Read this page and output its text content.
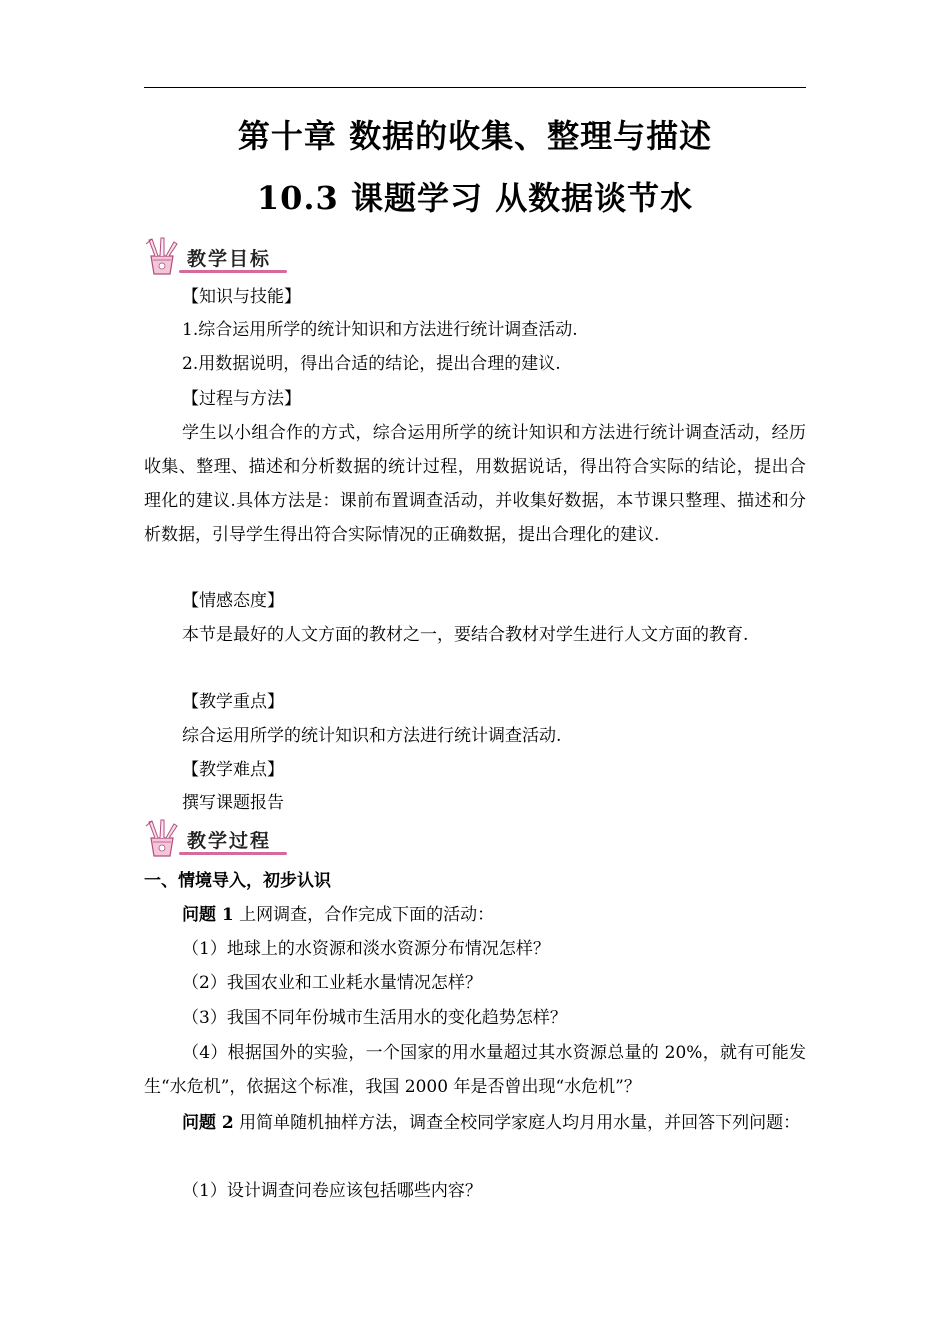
第十章 数据的收集、整理与描述
10.3 课题学习 从数据谈节水
教学目标

【知识与技能】

1.综合运用所学的统计知识和方法进行统计调查活动.

2.用数据说明，得出合适的结论，提出合理的建议.

【过程与方法】

学生以小组合作的方式，综合运用所学的统计知识和方法进行统计调查活动，经历收集、整理、描述和分析数据的统计过程，用数据说话，得出符合实际的结论，提出合理化的建议.具体方法是：课前布置调查活动，并收集好数据，本节课只整理、描述和分析数据，引导学生得出符合实际情况的正确数据，提出合理化的建议.

【情感态度】

本节是最好的人文方面的教材之一，要结合教材对学生进行人文方面的教育.

【教学重点】

综合运用所学的统计知识和方法进行统计调查活动.

【教学难点】

撰写课题报告

教学过程

一、情境导入，初步认识

问题 1 上网调查，合作完成下面的活动：

（1）地球上的水资源和淡水资源分布情况怎样？

（2）我国农业和工业耗水量情况怎样？

（3）我国不同年份城市生活用水的变化趋势怎样？

（4）根据国外的实验，一个国家的用水量超过其水资源总量的 20%，就有可能发生“水危机”，依据这个标准，我国 2000 年是否曾出现“水危机”？

问题 2 用简单随机抽样方法，调查全校同学家庭人均月用水量，并回答下列问题：

（1）设计调查问卷应该包括哪些内容？
